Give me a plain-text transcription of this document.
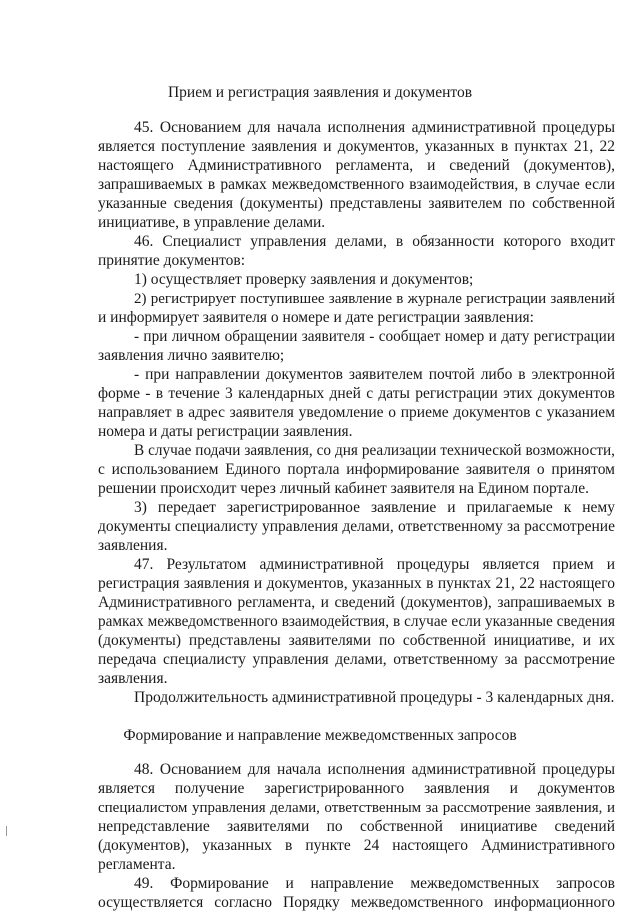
Прием и регистрация заявления и документов
45. Основанием для начала исполнения административной процедуры
является поступление заявления и документов, указанных в пунктах 21, 22
настоящего Административного регламента, и сведений (документов),
запрашиваемых в рамках межведомственного взаимодействия, в случае если
указанные сведения (документы) представлены заявителем по собственной
инициативе, в управление делами.
46. Специалист управления делами, в обязанности которого входит
принятие документов:
1) осуществляет проверку заявления и документов;
2) регистрирует поступившее заявление в журнале регистрации заявлений
и информирует заявителя о номере и дате регистрации заявления:
- при личном обращении заявителя - сообщает номер и дату регистрации
заявления лично заявителю;
- при направлении документов заявителем почтой либо в электронной
форме - в течение 3 календарных дней с даты регистрации этих документов
направляет в адрес заявителя уведомление о приеме документов с указанием
номера и даты регистрации заявления.
В случае подачи заявления, со дня реализации технической возможности,
с использованием Единого портала информирование заявителя о принятом
решении происходит через личный кабинет заявителя на Едином портале.
3) передает зарегистрированное заявление и прилагаемые к нему
документы специалисту управления делами, ответственному за рассмотрение
заявления.
47. Результатом административной процедуры является прием и
регистрация заявления и документов, указанных в пунктах 21, 22 настоящего
Административного регламента, и сведений (документов), запрашиваемых в
рамках межведомственного взаимодействия, в случае если указанные сведения
(документы) представлены заявителями по собственной инициативе, и их
передача специалисту управления делами, ответственному за рассмотрение
заявления.
Продолжительность административной процедуры - 3 календарных дня.
Формирование и направление межведомственных запросов
48. Основанием для начала исполнения административной процедуры
является получение зарегистрированного заявления и документов
специалистом управления делами, ответственным за рассмотрение заявления, и
непредставление заявителями по собственной инициативе сведений
(документов), указанных в пункте 24 настоящего Административного
регламента.
49. Формирование и направление межведомственных запросов
осуществляется согласно Порядку межведомственного информационного
